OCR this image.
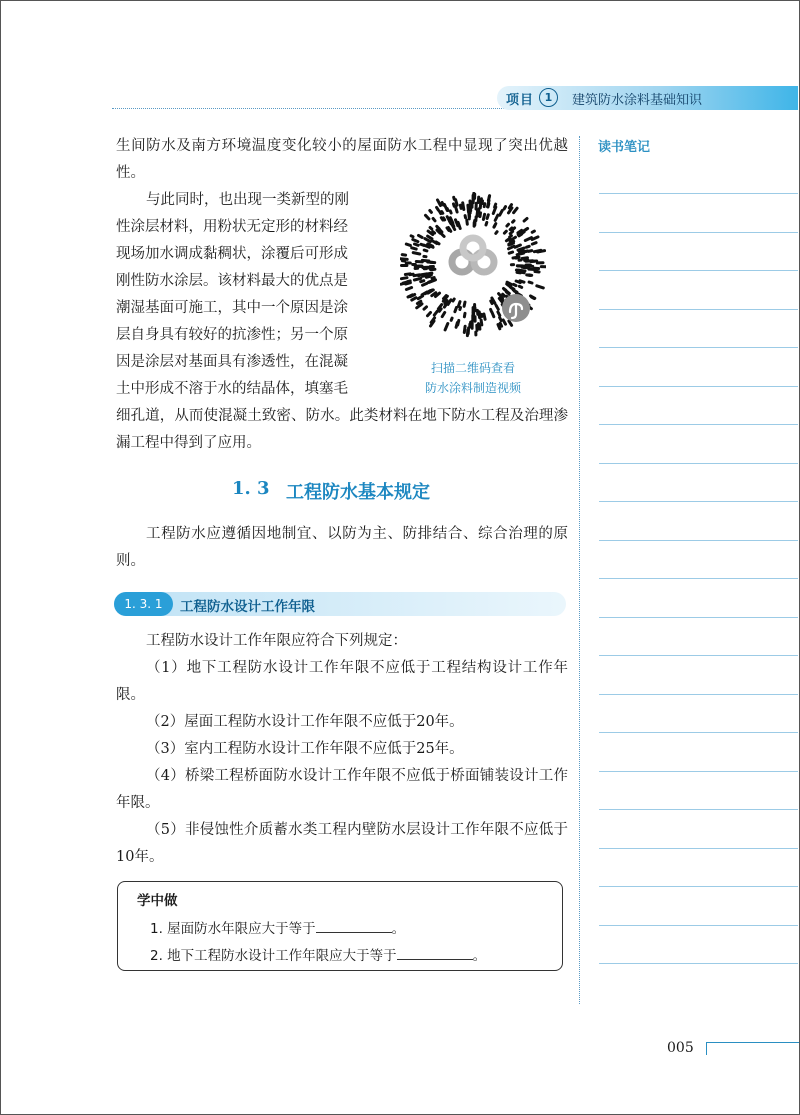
项目 1	建筑防水涂料基础知识
生间防水及南方环境温度变化较小的屋面防水工程中显现了突出优越性。
与此同时，也出现一类新型的刚
性涂层材料，用粉状无定形的材料经
现场加水调成黏稠状，涂覆后可形成
刚性防水涂层。该材料最大的优点是
潮湿基面可施工，其中一个原因是涂
层自身具有较好的抗渗性；另一个原
因是涂层对基面具有渗透性，在混凝
土中形成不溶于水的结晶体，填塞毛
细孔道，从而使混凝土致密、防水。此类材料在地下防水工程及治理渗漏工程中得到了应用。
扫描二维码查看
防水涂料制造视频
1. 3 工程防水基本规定
工程防水应遵循因地制宜、以防为主、防排结合、综合治理的原则。
1. 3. 1	工程防水设计工作年限
工程防水设计工作年限应符合下列规定：
（1）地下工程防水设计工作年限不应低于工程结构设计工作年限。
（2）屋面工程防水设计工作年限不应低于20年。
（3）室内工程防水设计工作年限不应低于25年。
（4）桥梁工程桥面防水设计工作年限不应低于桥面铺装设计工作年限。
（5）非侵蚀性介质蓄水类工程内壁防水层设计工作年限不应低于10年。
学中做
1. 屋面防水年限应大于等于	。
2. 地下工程防水设计工作年限应大于等于	。
读书笔记
005
